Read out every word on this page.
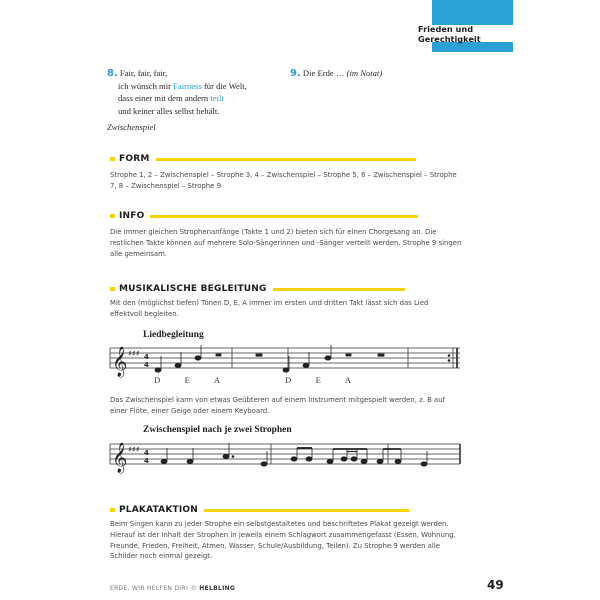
Frieden und Gerechtigkeit
8. Fair, fair, fair,
ich wünsch mir Fairness für die Welt,
dass einer mit dem andern teilt
und keiner alles selbst behält.
Zwischenspiel
9. Die Erde … (im Notat)
FORM
Strophe 1, 2 – Zwischenspiel – Strophe 3, 4 – Zwischenspiel – Strophe 5, 6 – Zwischenspiel – Strophe 7, 8 – Zwischenspiel – Strophe 9
INFO
Die immer gleichen Strophenanfänge (Takte 1 und 2) bieten sich für einen Chorgesang an. Die restlichen Takte können auf mehrere Solo-Sängerinnen und -Sänger verteilt werden. Strophe 9 singen alle gemeinsam.
MUSIKALISCHE BEGLEITUNG
Mit den (möglichst tiefen) Tönen D, E, A immer im ersten und dritten Takt lässt sich das Lied effektvoll begleiten.
Liedbegleitung
𝄞 ♯♯♯ 4
4
D   E   A	D   E   A
Das Zwischenspiel kann von etwas Geübteren auf einem Instrument mitgespielt werden, z. B auf einer Flöte, einer Geige oder einem Keyboard.
Zwischenspiel nach je zwei Strophen
𝄞 ♯♯♯ 4
4
PLAKATAKTION
Beim Singen kann zu jeder Strophe ein selbstgestaltetes und beschriftetes Plakat gezeigt werden. Hierauf ist der Inhalt der Strophen in jeweils einem Schlagwort zusammengefasst (Essen, Wohnung, Freunde, Frieden, Freiheit, Atmen, Wasser, Schule/Ausbildung, Teilen). Zu Strophe 9 werden alle Schilder noch einmal gezeigt.
ERDE, WIR HELFEN DIR! © HELBLING	49
